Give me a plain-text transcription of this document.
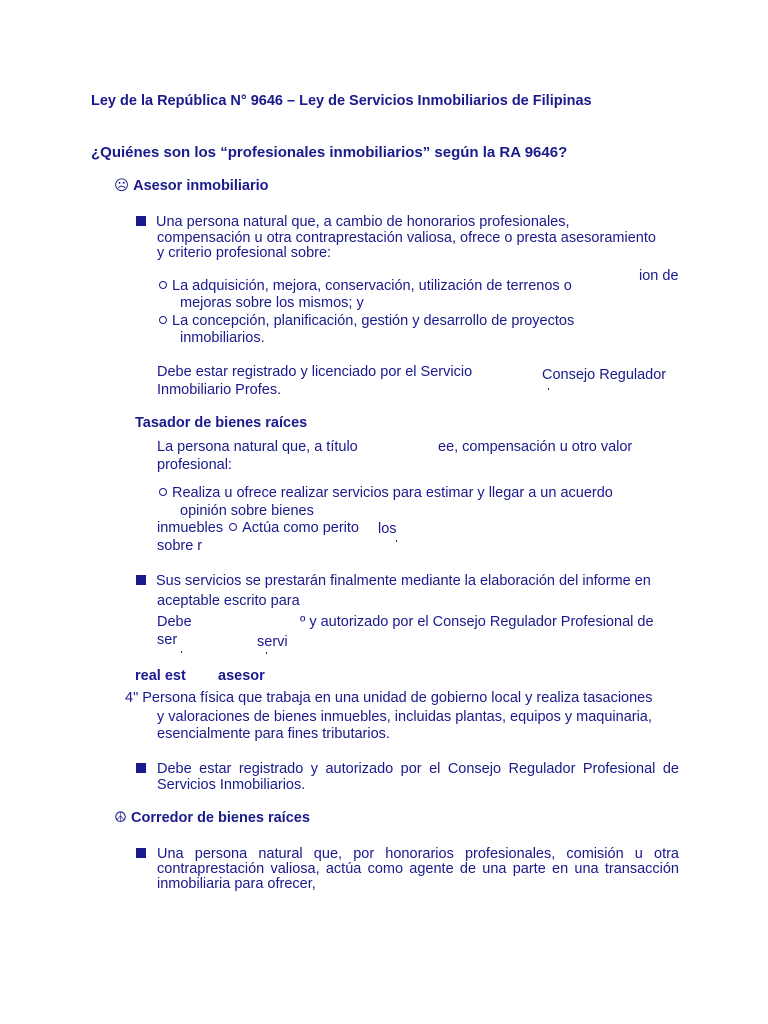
Ley de la República N° 9646 – Ley de Servicios Inmobiliarios de Filipinas
¿Quiénes son los “profesionales inmobiliarios” según la RA 9646?
☹ Asesor inmobiliario
Una persona natural que, a cambio de honorarios profesionales,
compensación u otra contraprestación valiosa, ofrece o presta asesoramiento
y criterio profesional sobre:
ion de
La adquisición, mejora, conservación, utilización de terrenos o
mejoras sobre los mismos; y
La concepción, planificación, gestión y desarrollo de proyectos
inmobiliarios.
Debe estar registrado y licenciado por el Servicio
Inmobiliario Profes.
Consejo Regulador
Tasador de bienes raíces
La persona natural que, a título	ee, compensación u otro valor
profesional:
Realiza u ofrece realizar servicios para estimar y llegar a un acuerdo
opinión sobre bienes
inmuebles Actúa como perito los
sobre r
Sus servicios se prestarán finalmente mediante la elaboración del informe en
aceptable escrito para
Debe	º y autorizado por el Consejo Regulador Profesional de
ser	servi
real est asesor
4" Persona física que trabaja en una unidad de gobierno local y realiza tasaciones
y valoraciones de bienes inmuebles, incluidas plantas, equipos y maquinaria,
esencialmente para fines tributarios.
Debe estar registrado y autorizado por el Consejo Regulador Profesional de
Servicios Inmobiliarios.
☮ Corredor de bienes raíces
Una persona natural que, por honorarios profesionales, comisión u otra
contraprestación valiosa, actúa como agente de una parte en una transacción
inmobiliaria para ofrecer,
